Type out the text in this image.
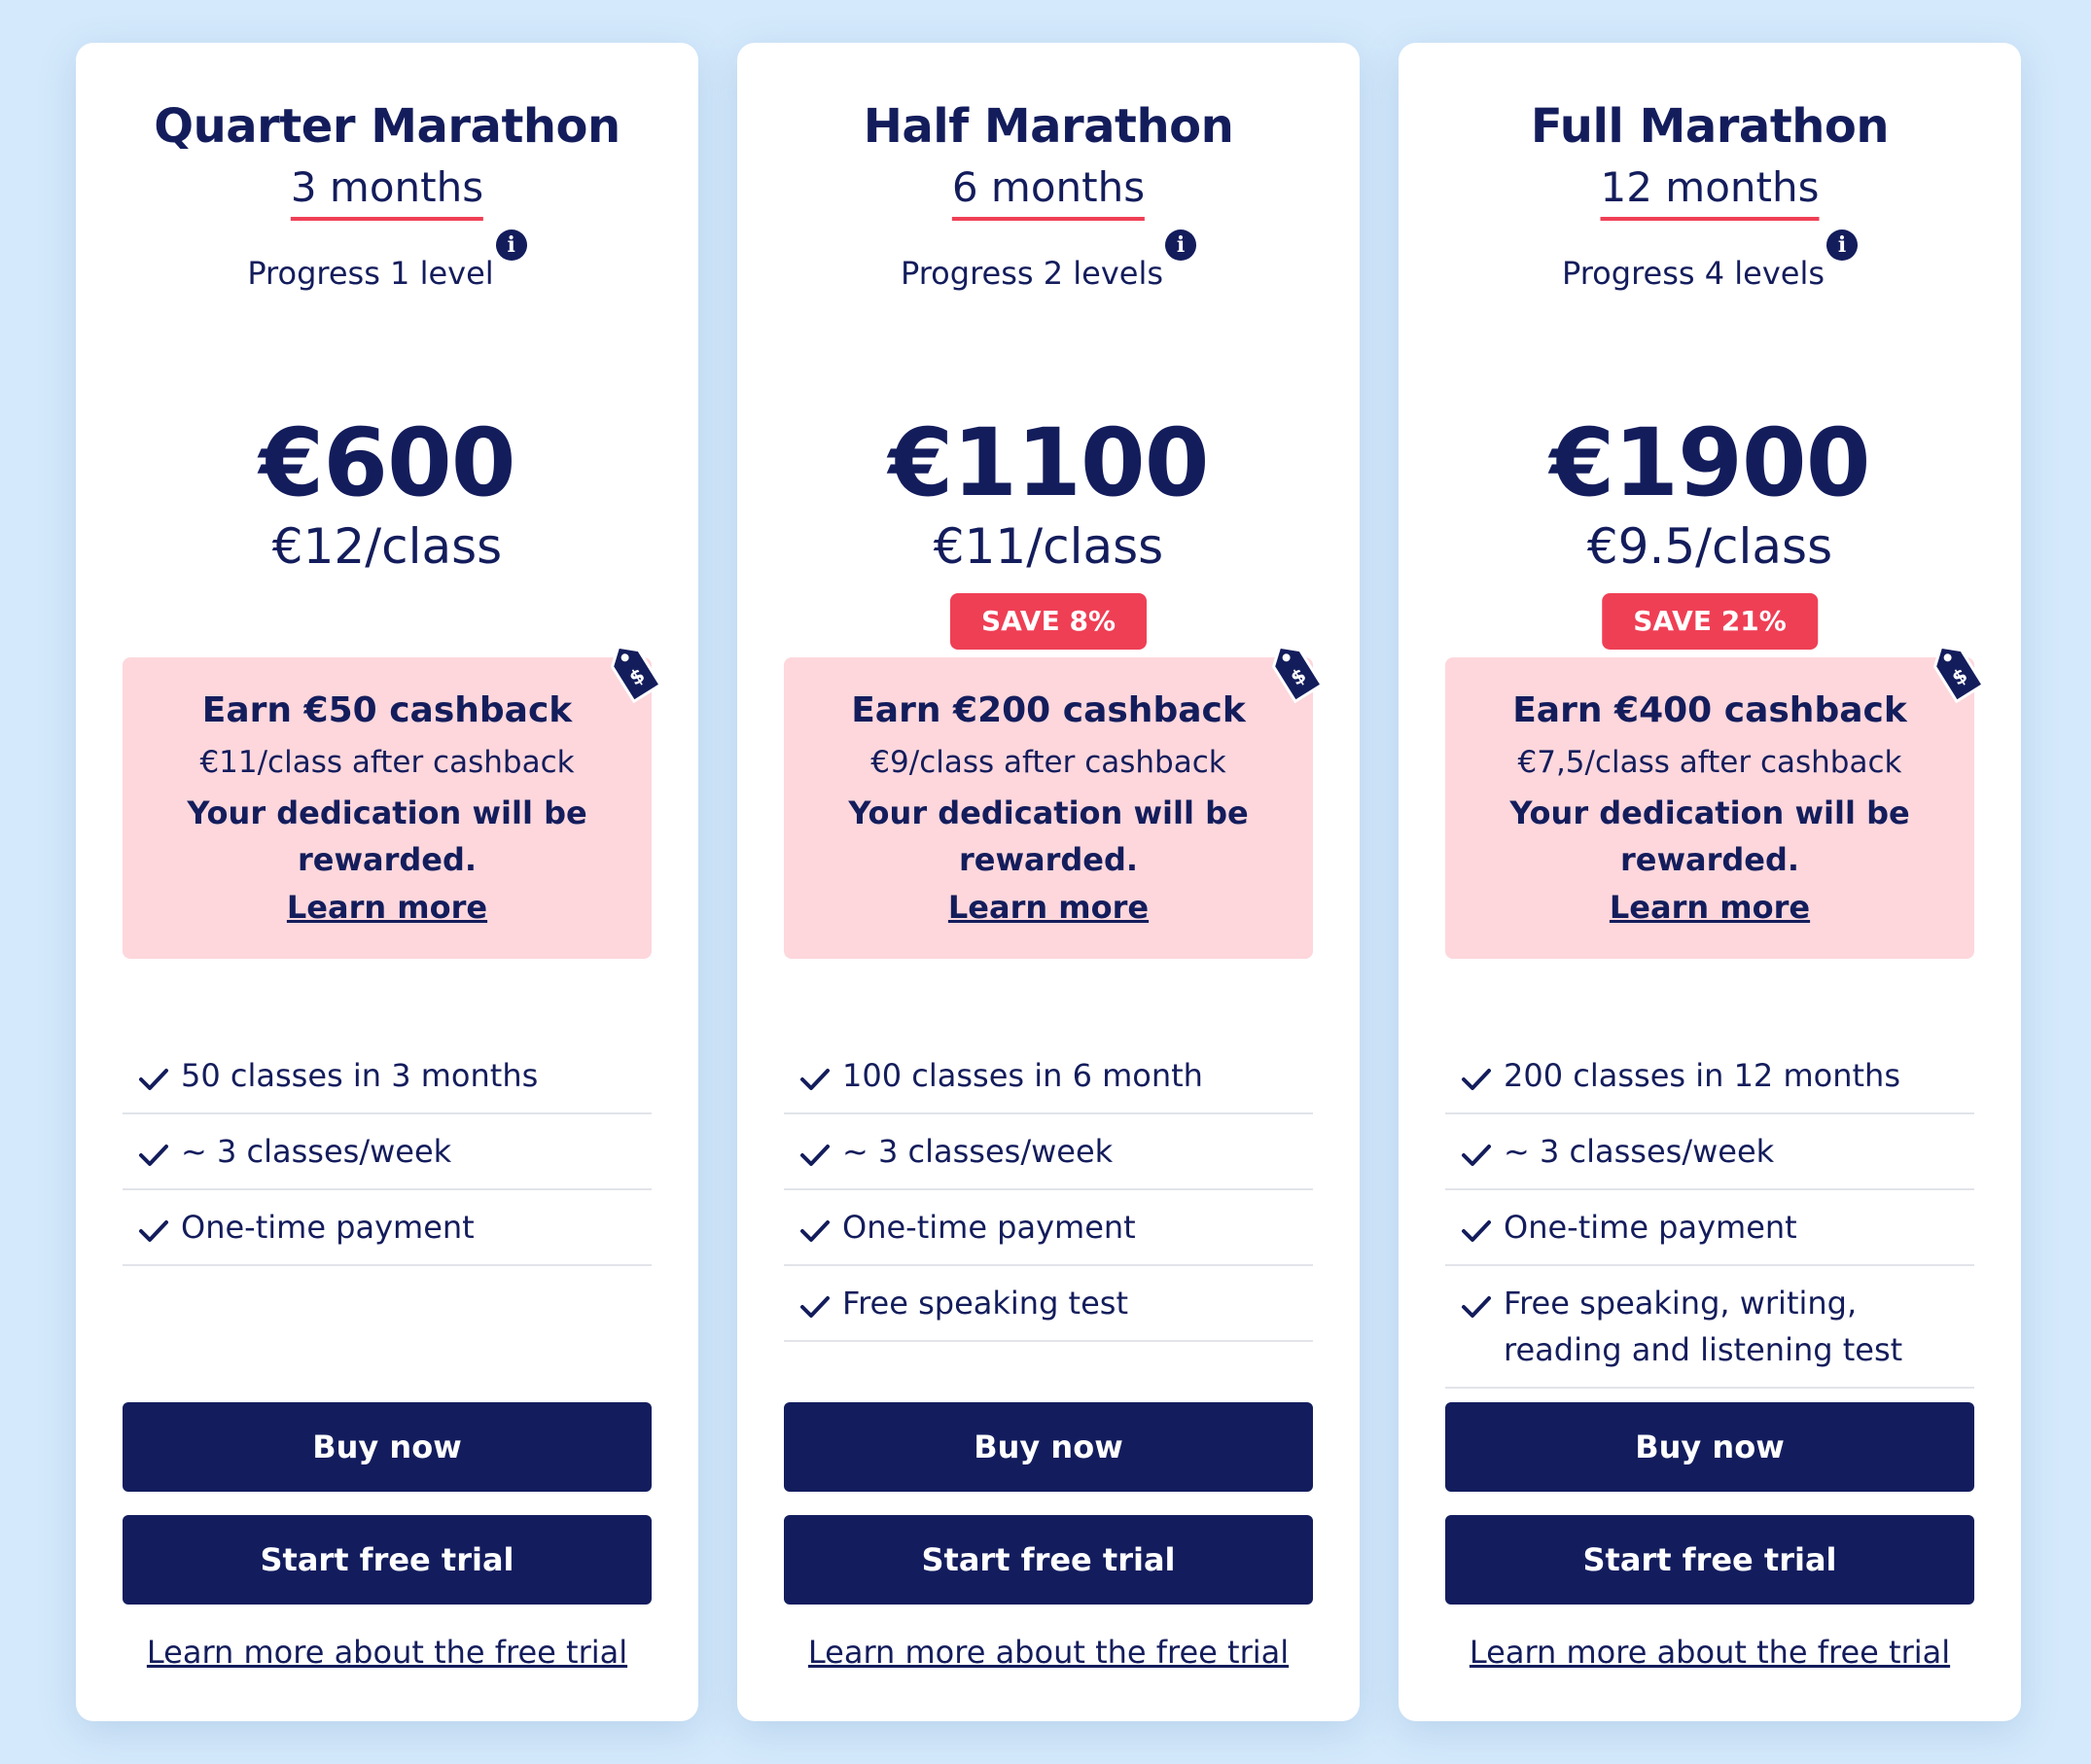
Quarter Marathon
3 months
Progress 1 leveli
€600
€12/class
$
Earn €50 cashback
€11/class after cashback
Your dedication will be rewarded.
Learn more
50 classes in 3 months
~ 3 classes/week
One-time payment
Buy now
Start free trial
Learn more about the free trial
Half Marathon
6 months
Progress 2 levelsi
€1100
€11/class
SAVE 8%
$
Earn €200 cashback
€9/class after cashback
Your dedication will be rewarded.
Learn more
100 classes in 6 month
~ 3 classes/week
One-time payment
Free speaking test
Buy now
Start free trial
Learn more about the free trial
Full Marathon
12 months
Progress 4 levelsi
€1900
€9.5/class
SAVE 21%
$
Earn €400 cashback
€7,5/class after cashback
Your dedication will be rewarded.
Learn more
200 classes in 12 months
~ 3 classes/week
One-time payment
Free speaking, writing, reading and listening test
Buy now
Start free trial
Learn more about the free trial
